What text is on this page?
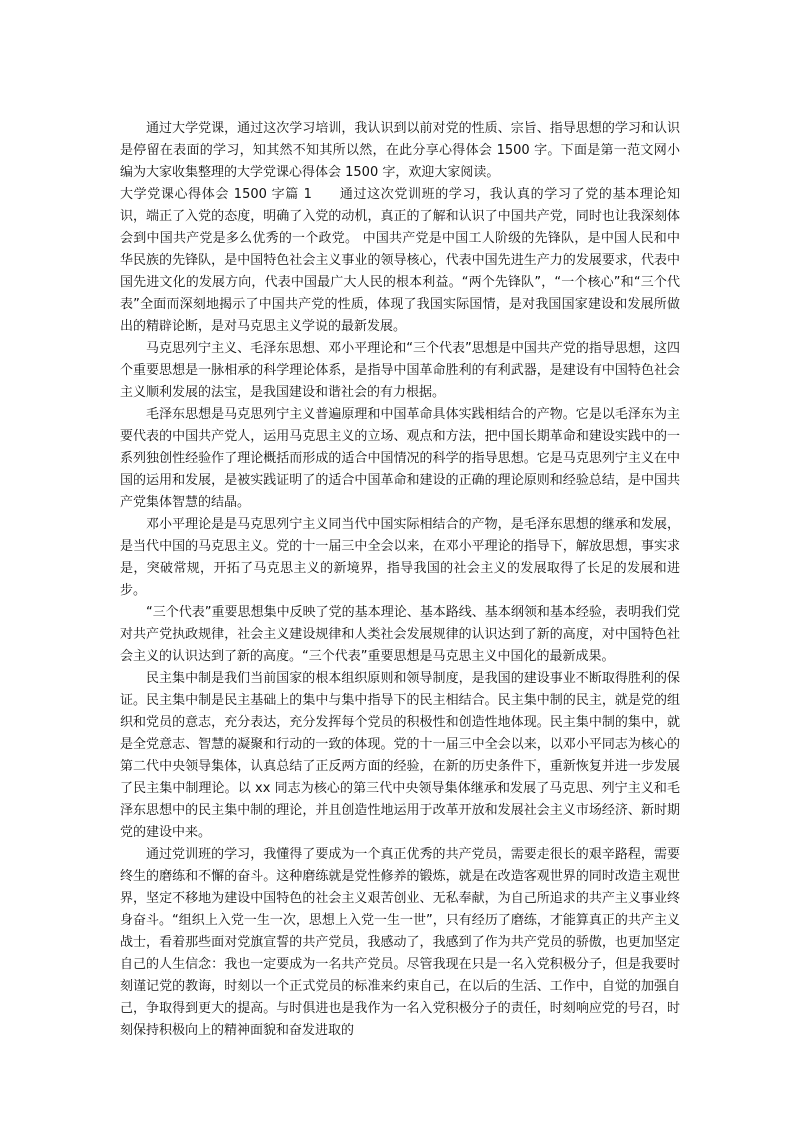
通过大学党课，通过这次学习培训，我认识到以前对党的性质、宗旨、指导思想的学习和认识是停留在表面的学习，知其然不知其所以然，在此分享心得体会 1500 字。下面是第一范文网小编为大家收集整理的大学党课心得体会 1500 字，欢迎大家阅读。

大学党课心得体会 1500 字篇 1　　通过这次党训班的学习，我认真的学习了党的基本理论知识，端正了入党的态度，明确了入党的动机，真正的了解和认识了中国共产党，同时也让我深刻体会到中国共产党是多么优秀的一个政党。 中国共产党是中国工人阶级的先锋队，是中国人民和中华民族的先锋队，是中国特色社会主义事业的领导核心，代表中国先进生产力的发展要求，代表中国先进文化的发展方向，代表中国最广大人民的根本利益。“两个先锋队”，“一个核心”和“三个代表”全面而深刻地揭示了中国共产党的性质，体现了我国实际国情，是对我国国家建设和发展所做出的精辟论断，是对马克思主义学说的最新发展。

马克思列宁主义、毛泽东思想、邓小平理论和“三个代表”思想是中国共产党的指导思想，这四个重要思想是一脉相承的科学理论体系，是指导中国革命胜利的有利武器，是建设有中国特色社会主义顺利发展的法宝，是我国建设和谐社会的有力根据。

毛泽东思想是马克思列宁主义普遍原理和中国革命具体实践相结合的产物。它是以毛泽东为主要代表的中国共产党人，运用马克思主义的立场、观点和方法，把中国长期革命和建设实践中的一系列独创性经验作了理论概括而形成的适合中国情况的科学的指导思想。它是马克思列宁主义在中国的运用和发展，是被实践证明了的适合中国革命和建设的正确的理论原则和经验总结，是中国共产党集体智慧的结晶。

邓小平理论是是马克思列宁主义同当代中国实际相结合的产物，是毛泽东思想的继承和发展，是当代中国的马克思主义。党的十一届三中全会以来，在邓小平理论的指导下，解放思想，事实求是，突破常规，开拓了马克思主义的新境界，指导我国的社会主义的发展取得了长足的发展和进步。

“三个代表”重要思想集中反映了党的基本理论、基本路线、基本纲领和基本经验，表明我们党对共产党执政规律，社会主义建设规律和人类社会发展规律的认识达到了新的高度，对中国特色社会主义的认识达到了新的高度。“三个代表”重要思想是马克思主义中国化的最新成果。

民主集中制是我们当前国家的根本组织原则和领导制度，是我国的建设事业不断取得胜利的保证。民主集中制是民主基础上的集中与集中指导下的民主相结合。民主集中制的民主，就是党的组织和党员的意志，充分表达，充分发挥每个党员的积极性和创造性地体现。民主集中制的集中，就是全党意志、智慧的凝聚和行动的一致的体现。党的十一届三中全会以来，以邓小平同志为核心的第二代中央领导集体，认真总结了正反两方面的经验，在新的历史条件下，重新恢复并进一步发展了民主集中制理论。以 xx 同志为核心的第三代中央领导集体继承和发展了马克思、列宁主义和毛泽东思想中的民主集中制的理论，并且创造性地运用于改革开放和发展社会主义市场经济、新时期党的建设中来。

通过党训班的学习，我懂得了要成为一个真正优秀的共产党员，需要走很长的艰辛路程，需要终生的磨练和不懈的奋斗。这种磨练就是党性修养的锻炼，就是在改造客观世界的同时改造主观世界，坚定不移地为建设中国特色的社会主义艰苦创业、无私奉献，为自己所追求的共产主义事业终身奋斗。“组织上入党一生一次，思想上入党一生一世”，只有经历了磨练，才能算真正的共产主义战士，看着那些面对党旗宣誓的共产党员，我感动了，我感到了作为共产党员的骄傲，也更加坚定自己的人生信念：我也一定要成为一名共产党员。尽管我现在只是一名入党积极分子，但是我要时刻谨记党的教诲，时刻以一个正式党员的标准来约束自己，在以后的生活、工作中，自觉的加强自己，争取得到更大的提高。与时俱进也是我作为一名入党积极分子的责任，时刻响应党的号召，时刻保持积极向上的精神面貌和奋发进取的
